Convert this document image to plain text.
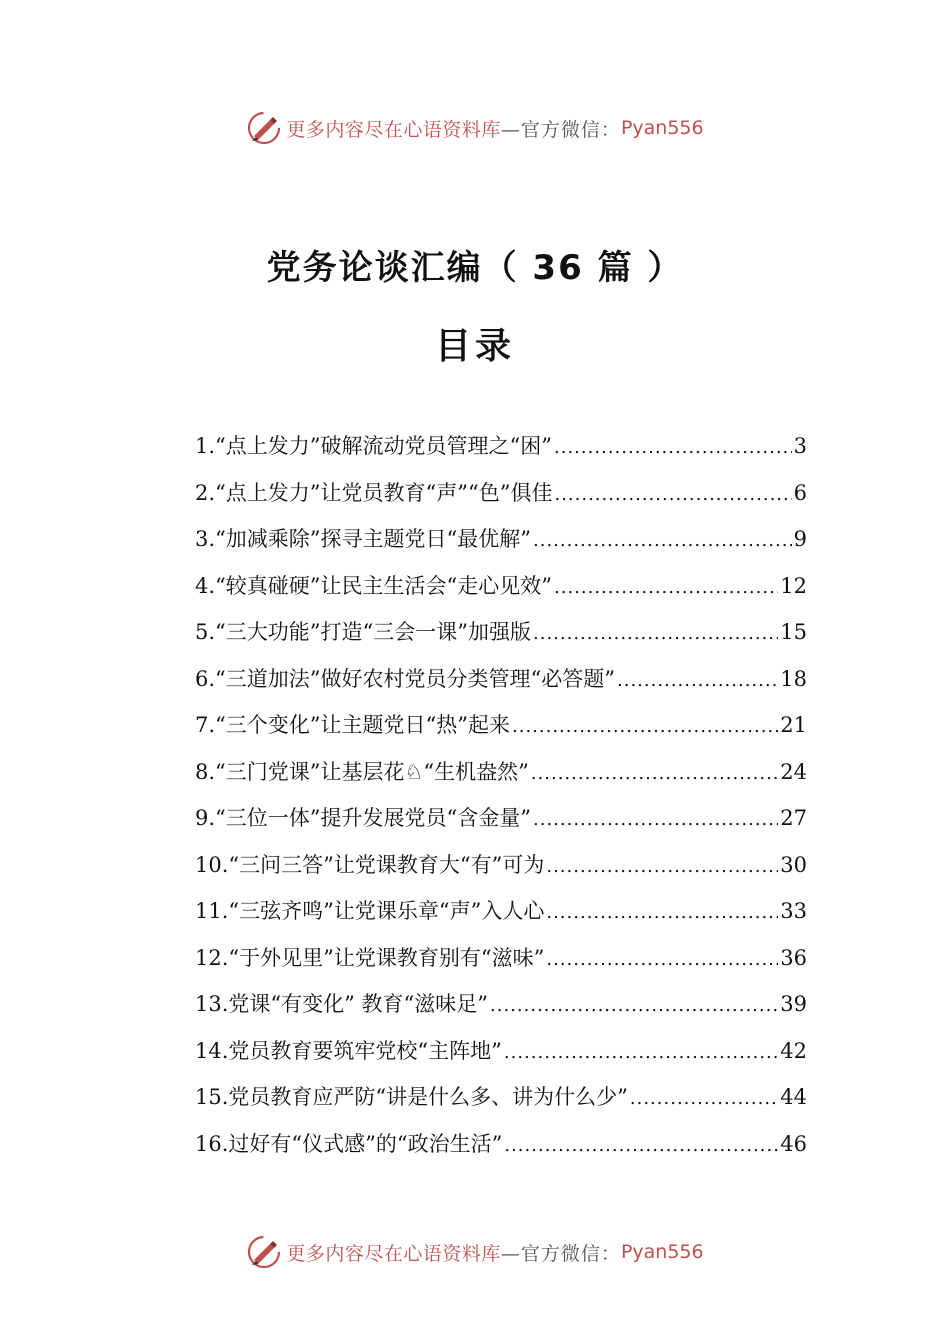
更多内容尽在心语资料库 —官方微信： Pyan556
党务论谈汇编（ 36 篇 ）
目录
1. “点上发力”破解流动党员管理之“困” .....	3
2. “点上发力”让党员教育“声”“色”俱佳 .....	6
3. “加减乘除”探寻主题党日“最优解” .....	9
4. “较真碰硬”让民主生活会“走心见效” .....	12
5. “三大功能”打造“三会一课”加强版 .....	15
6. “三道加法”做好农村党员分类管理“必答题” .....	18
7. “三个变化”让主题党日“热”起来 .....	21
8. “三门党课”让基层花♘“生机盎然” .....	24
9. “三位一体”提升发展党员“含金量” .....	27
10. “三问三答”让党课教育大“有”可为 .....	30
11. “三弦齐鸣”让党课乐章“声”入人心 .....	33
12. “于外见里”让党课教育别有“滋味” .....	36
13. 党课“有变化” 教育“滋味足” .....	39
14. 党员教育要筑牢党校“主阵地” .....	42
15. 党员教育应严防“讲是什么多、讲为什么少” .....	44
16. 过好有“仪式感”的“政治生活” .....	46
更多内容尽在心语资料库 —官方微信： Pyan556
